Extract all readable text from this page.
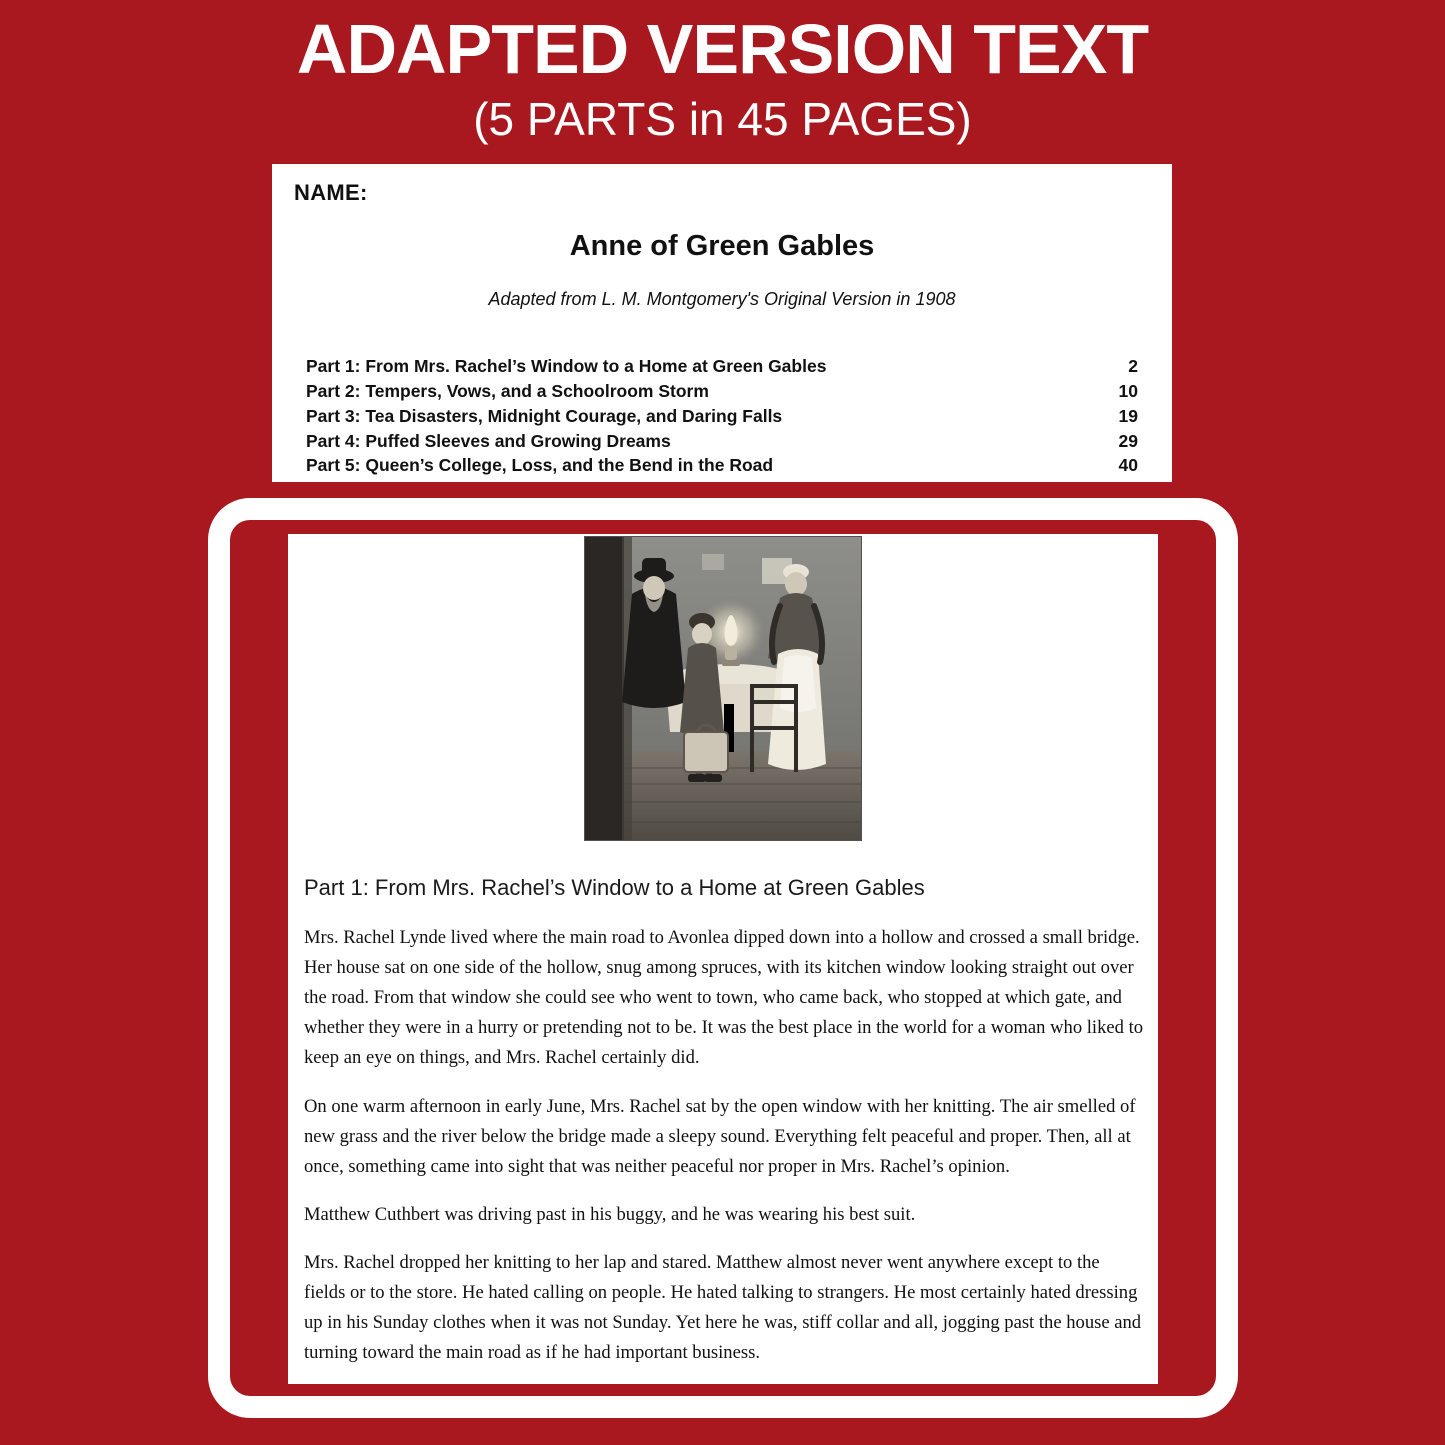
ADAPTED VERSION TEXT
(5 PARTS in 45 PAGES)
NAME:
Anne of Green Gables
Adapted from L. M. Montgomery's Original Version in 1908
Part 1: From Mrs. Rachel’s Window to a Home at Green Gables	2
Part 2: Tempers, Vows, and a Schoolroom Storm	10
Part 3: Tea Disasters, Midnight Courage, and Daring Falls	19
Part 4: Puffed Sleeves and Growing Dreams	29
Part 5: Queen’s College, Loss, and the Bend in the Road	40
Part 1: From Mrs. Rachel’s Window to a Home at Green Gables

Mrs. Rachel Lynde lived where the main road to Avonlea dipped down into a hollow and crossed a small bridge. Her house sat on one side of the hollow, snug among spruces, with its kitchen window looking straight out over the road. From that window she could see who went to town, who came back, who stopped at which gate, and whether they were in a hurry or pretending not to be. It was the best place in the world for a woman who liked to keep an eye on things, and Mrs. Rachel certainly did.

On one warm afternoon in early June, Mrs. Rachel sat by the open window with her knitting. The air smelled of new grass and the river below the bridge made a sleepy sound. Everything felt peaceful and proper. Then, all at once, something came into sight that was neither peaceful nor proper in Mrs. Rachel’s opinion.

Matthew Cuthbert was driving past in his buggy, and he was wearing his best suit.

Mrs. Rachel dropped her knitting to her lap and stared. Matthew almost never went anywhere except to the fields or to the store. He hated calling on people. He hated talking to strangers. He most certainly hated dressing up in his Sunday clothes when it was not Sunday. Yet here he was, stiff collar and all, jogging past the house and turning toward the main road as if he had important business.
